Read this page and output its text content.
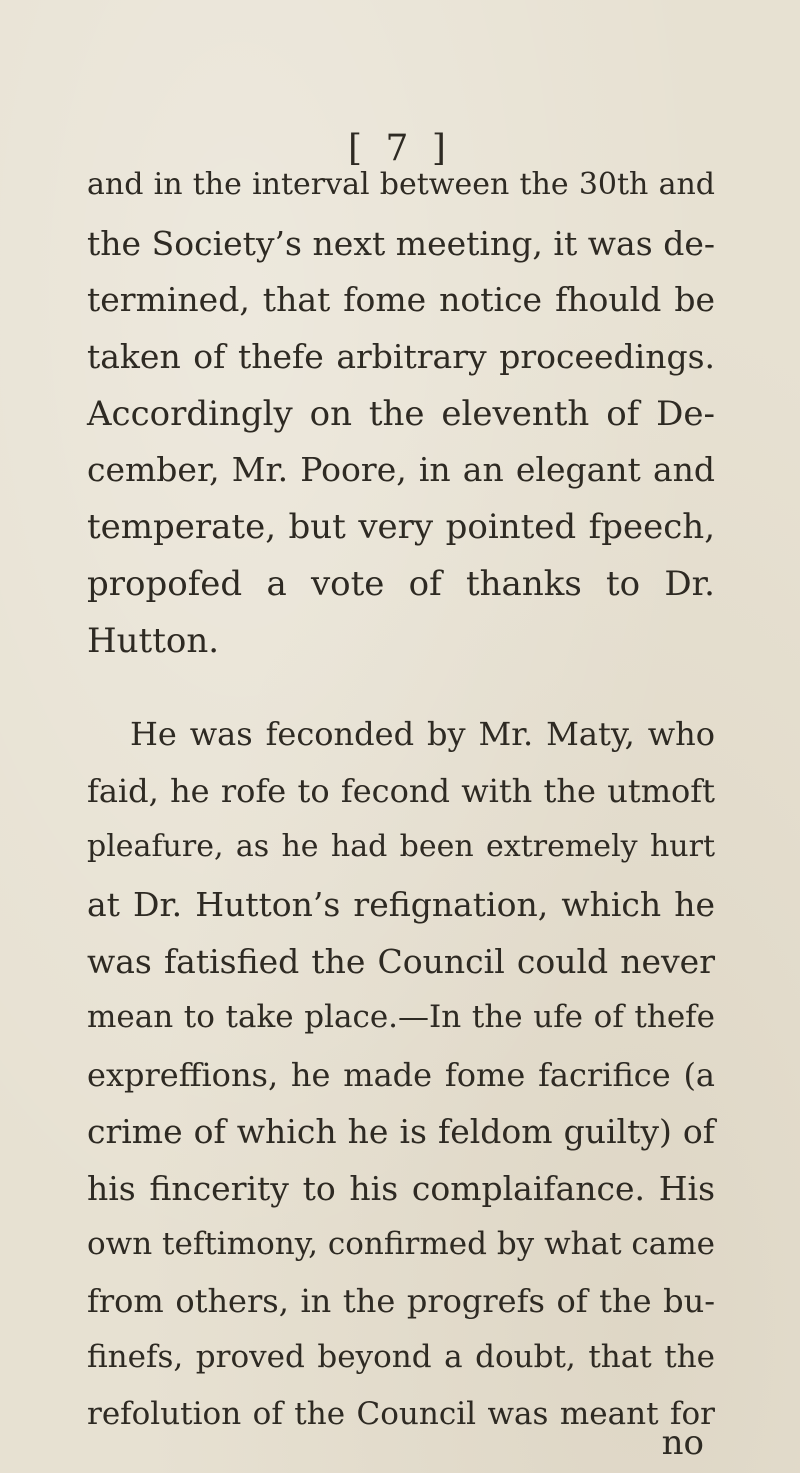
[ 7 ]
and in the interval between the 30th and
the Society’s next meeting, it was de-
termined, that fome notice fhould be
taken of thefe arbitrary proceedings.
Accordingly on the eleventh of De-
cember, Mr. Poore, in an elegant and
temperate, but very pointed fpeech,
propofed a vote of thanks to Dr.
Hutton.
He was feconded by Mr. Maty, who
faid, he rofe to fecond with the utmoft
pleafure, as he had been extremely hurt
at Dr. Hutton’s refignation, which he
was fatisfied the Council could never
mean to take place.—In the ufe of thefe
expreffions, he made fome facrifice (a
crime of which he is feldom guilty) of
his fincerity to his complaifance. His
own teftimony, confirmed by what came
from others, in the progrefs of the bu-
finefs, proved beyond a doubt, that the
refolution of the Council was meant for
no
